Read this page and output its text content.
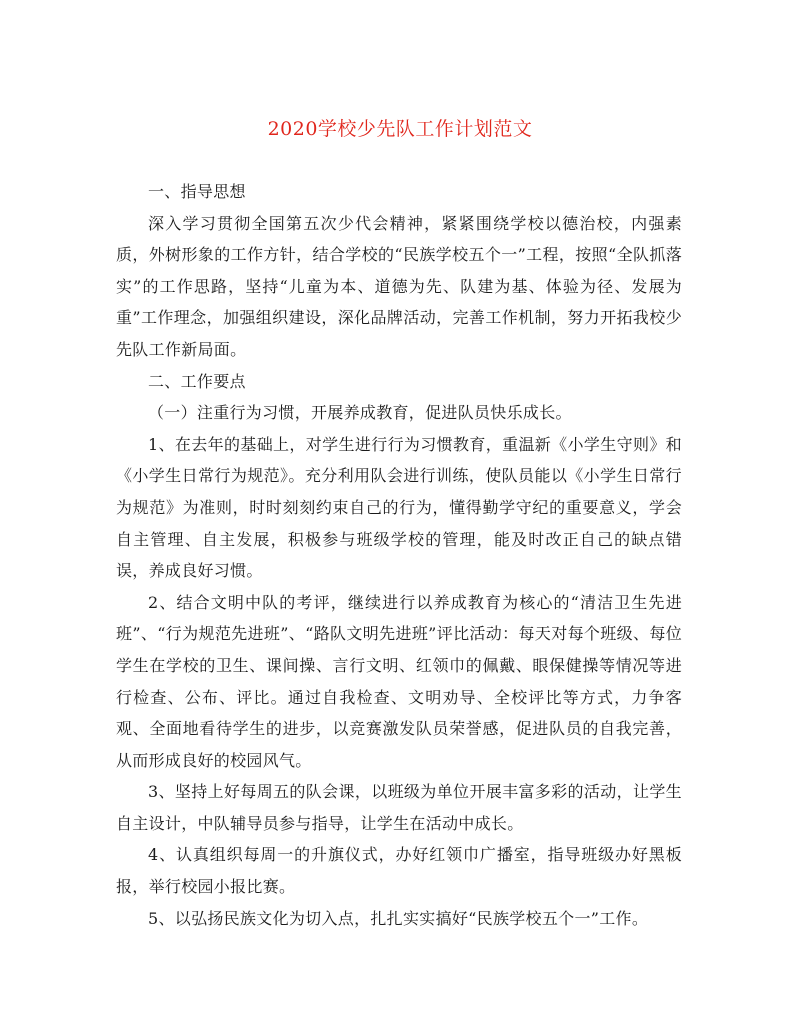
2020学校少先队工作计划范文

一、指导思想

深入学习贯彻全国第五次少代会精神，紧紧围绕学校以德治校，内强素质，外树形象的工作方针，结合学校的“民族学校五个一”工程，按照“全队抓落实”的工作思路，坚持“儿童为本、道德为先、队建为基、体验为径、发展为重”工作理念，加强组织建设，深化品牌活动，完善工作机制，努力开拓我校少先队工作新局面。

二、工作要点

（一）注重行为习惯，开展养成教育，促进队员快乐成长。

1、在去年的基础上，对学生进行行为习惯教育，重温新《小学生守则》和《小学生日常行为规范》。充分利用队会进行训练，使队员能以《小学生日常行为规范》为准则，时时刻刻约束自己的行为，懂得勤学守纪的重要意义，学会自主管理、自主发展，积极参与班级学校的管理，能及时改正自己的缺点错误，养成良好习惯。

2、结合文明中队的考评，继续进行以养成教育为核心的“清洁卫生先进班”、“行为规范先进班”、“路队文明先进班”评比活动：每天对每个班级、每位学生在学校的卫生、课间操、言行文明、红领巾的佩戴、眼保健操等情况等进行检查、公布、评比。通过自我检查、文明劝导、全校评比等方式，力争客观、全面地看待学生的进步，以竞赛激发队员荣誉感，促进队员的自我完善，从而形成良好的校园风气。

3、坚持上好每周五的队会课，以班级为单位开展丰富多彩的活动，让学生自主设计，中队辅导员参与指导，让学生在活动中成长。

4、认真组织每周一的升旗仪式，办好红领巾广播室，指导班级办好黑板报，举行校园小报比赛。

5、以弘扬民族文化为切入点，扎扎实实搞好“民族学校五个一”工作。
